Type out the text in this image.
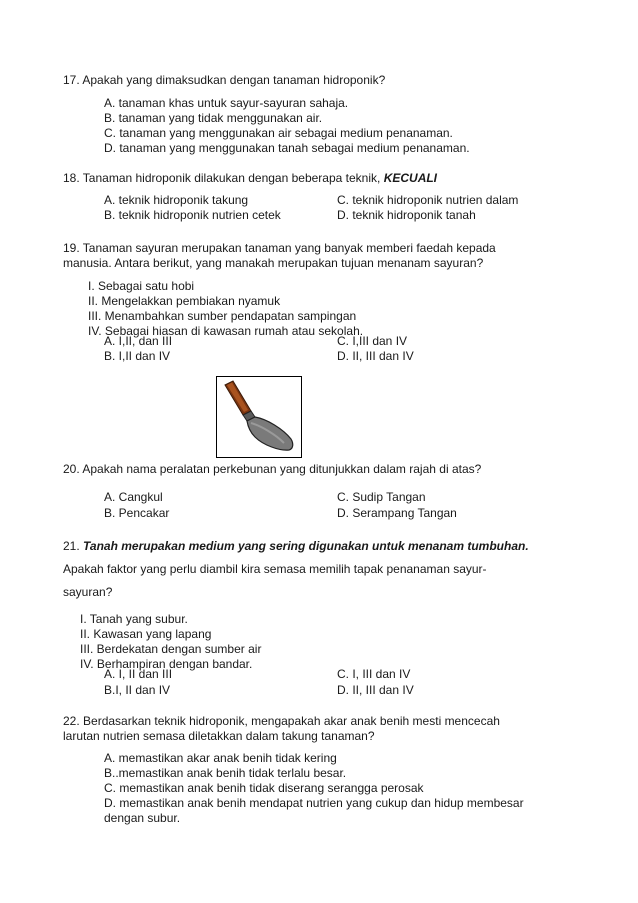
17. Apakah yang dimaksudkan dengan tanaman hidroponik?
A. tanaman khas untuk sayur-sayuran sahaja.
B. tanaman yang tidak menggunakan air.
C. tanaman yang menggunakan air sebagai medium penanaman.
D. tanaman yang menggunakan tanah sebagai medium penanaman.
18. Tanaman hidroponik dilakukan dengan beberapa teknik, KECUALI
A. teknik hidroponik takung	C. teknik hidroponik nutrien dalam
B. teknik hidroponik nutrien cetek	D. teknik hidroponik tanah
19. Tanaman sayuran merupakan tanaman yang banyak memberi faedah kepada
manusia. Antara berikut, yang manakah merupakan tujuan menanam sayuran?
I. Sebagai satu hobi
II. Mengelakkan pembiakan nyamuk
III. Menambahkan sumber pendapatan sampingan
IV. Sebagai hiasan di kawasan rumah atau sekolah.
A. I,II, dan III	C. I,III dan IV
B. I,II dan IV	D. II, III dan IV
20. Apakah nama peralatan perkebunan yang ditunjukkan dalam rajah di atas?
A. Cangkul	C. Sudip Tangan
B. Pencakar	D. Serampang Tangan
21. Tanah merupakan medium yang sering digunakan untuk menanam tumbuhan.
Apakah faktor yang perlu diambil kira semasa memilih tapak penanaman sayur-
sayuran?
I. Tanah yang subur.
II. Kawasan yang lapang
III. Berdekatan dengan sumber air
IV. Berhampiran dengan bandar.
A. I, II dan III	C. I, III dan IV
B.I, II dan IV	D. II, III dan IV
22. Berdasarkan teknik hidroponik, mengapakah akar anak benih mesti mencecah
larutan nutrien semasa diletakkan dalam takung tanaman?
A. memastikan akar anak benih tidak kering
B..memastikan anak benih tidak terlalu besar.
C. memastikan anak benih tidak diserang serangga perosak
D. memastikan anak benih mendapat nutrien yang cukup dan hidup membesar
dengan subur.
